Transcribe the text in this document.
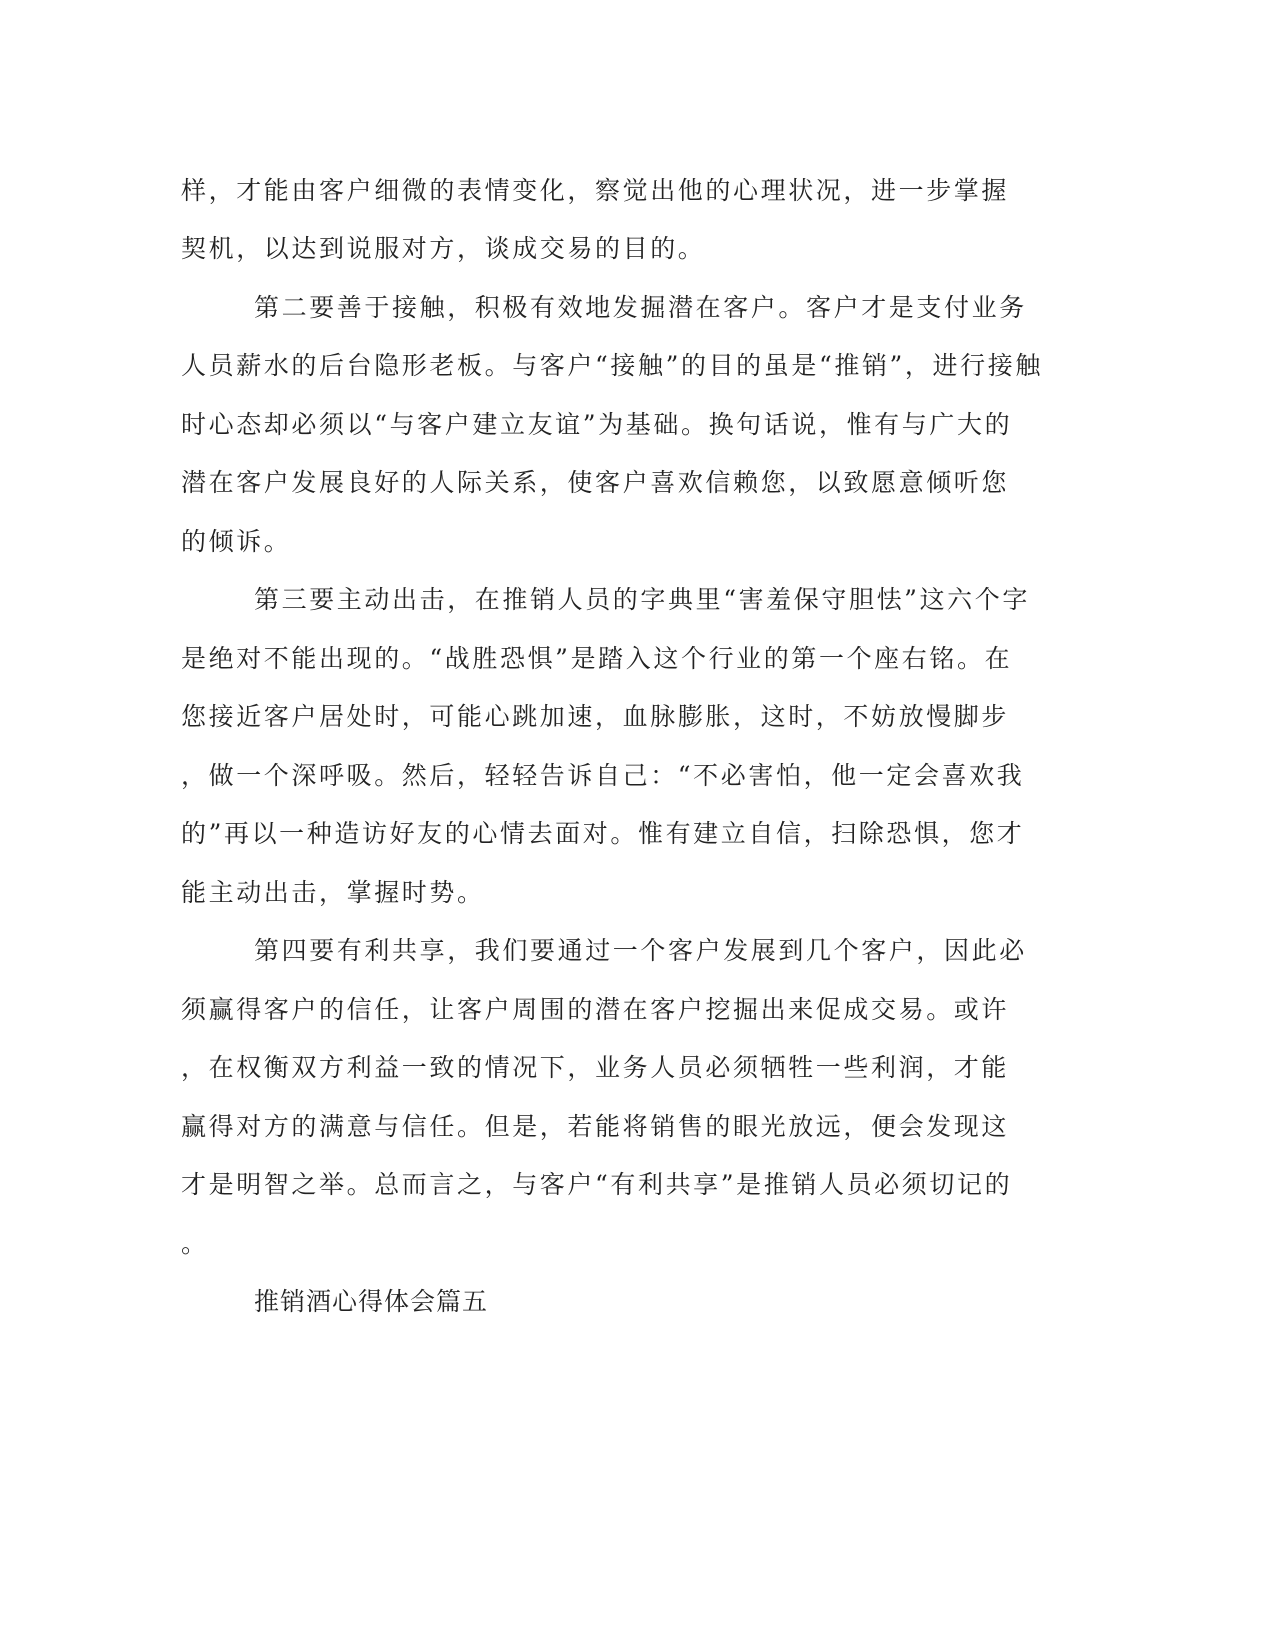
样，才能由客户细微的表情变化，察觉出他的心理状况，进一步掌握
契机，以达到说服对方，谈成交易的目的。
第二要善于接触，积极有效地发掘潜在客户。客户才是支付业务
人员薪水的后台隐形老板。与客户“接触”的目的虽是“推销”，进行接触
时心态却必须以“与客户建立友谊”为基础。换句话说，惟有与广大的
潜在客户发展良好的人际关系，使客户喜欢信赖您，以致愿意倾听您
的倾诉。
第三要主动出击，在推销人员的字典里“害羞保守胆怯”这六个字
是绝对不能出现的。“战胜恐惧”是踏入这个行业的第一个座右铭。在
您接近客户居处时，可能心跳加速，血脉膨胀，这时，不妨放慢脚步
，做一个深呼吸。然后，轻轻告诉自己：“不必害怕，他一定会喜欢我
的”再以一种造访好友的心情去面对。惟有建立自信，扫除恐惧，您才
能主动出击，掌握时势。
第四要有利共享，我们要通过一个客户发展到几个客户，因此必
须赢得客户的信任，让客户周围的潜在客户挖掘出来促成交易。或许
，在权衡双方利益一致的情况下，业务人员必须牺牲一些利润，才能
赢得对方的满意与信任。但是，若能将销售的眼光放远，便会发现这
才是明智之举。总而言之，与客户“有利共享”是推销人员必须切记的
。
推销酒心得体会篇五
